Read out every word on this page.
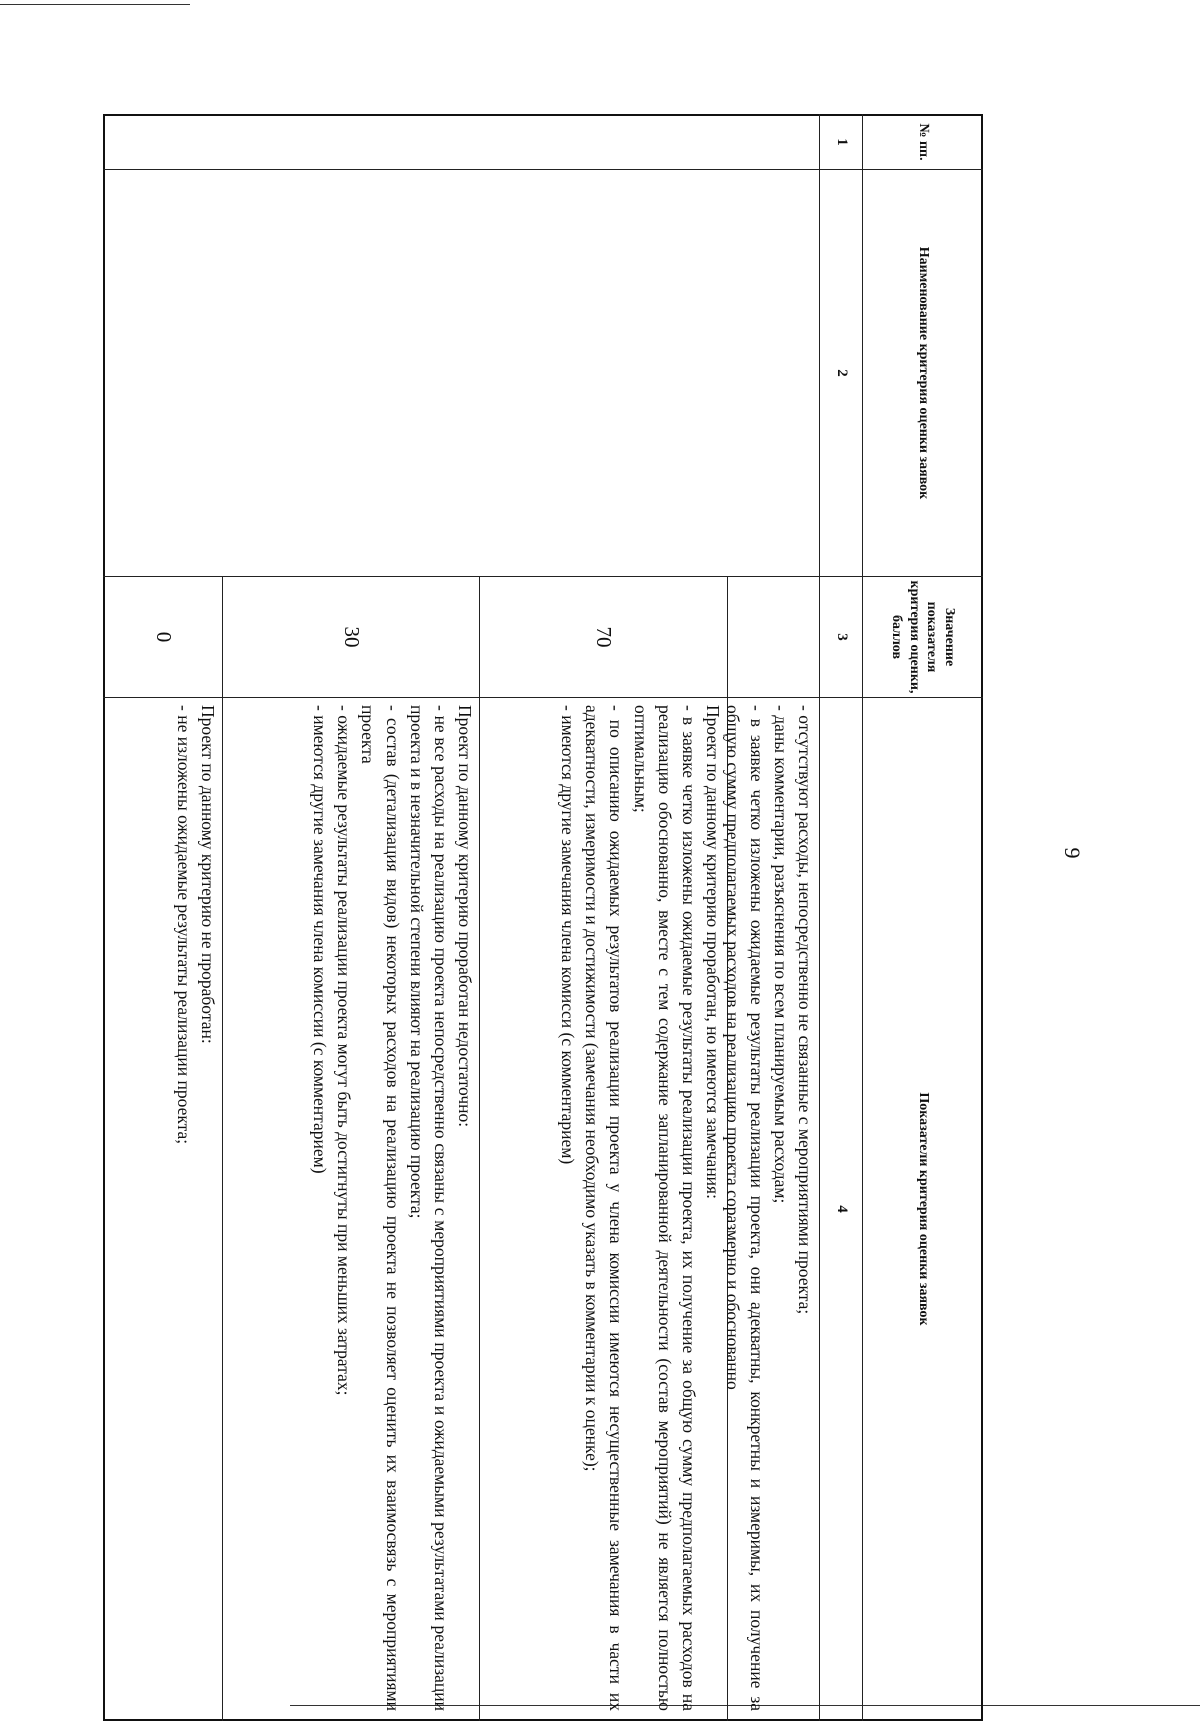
9
№ пп.
Наименование критерия оценки заявок
Значение показателя критерия оценки, баллов
Показатели критерия оценки заявок
1
2
3
4

- отсутствуют расходы, непосредственно не связанные с мероприятиями проекта;

- даны комментарии, разъяснения по всем планируемым расходам;

- в заявке четко изложены ожидаемые результаты реализации проекта, они адекватны, конкретны и измеримы, их получение за общую сумму предполагаемых расходов на реализацию проекта соразмерно и обоснованно

70

Проект по данному критерию проработан, но имеются замечания:

- в заявке четко изложены ожидаемые результаты реализации проекта, их получение за общую сумму предполагаемых расходов на реализацию обоснованно, вместе с тем содержание запланированной деятельности (состав мероприятий) не является полностью оптимальным;

- по описанию ожидаемых результатов реализации проекта у члена комиссии имеются несущественные замечания в части их адекватности, измеримости и достижимости (замечания необходимо указать в комментарии к оценке);

- имеются другие замечания члена комисси (с комментарием)

30

Проект по данному критерию проработан недостаточно:

- не все расходы на реализацию проекта непосредственно связаны с мероприятиями проекта и ожидаемыми результатами реализации проекта и в незначительной степени влияют на реализацию проекта;

- состав (детализация видов) некоторых расходов на реализацию проекта не позволяет оценить их взаимосвязь с мероприятиями проекта

- ожидаемые результаты реализации проекта могут быть достигнуты при меньших затратах;

- имеются другие замечания члена комиссии (с комментарием)

0

Проект по данному критерию не проработан:

- не изложены ожидаемые результаты реализации проекта;
